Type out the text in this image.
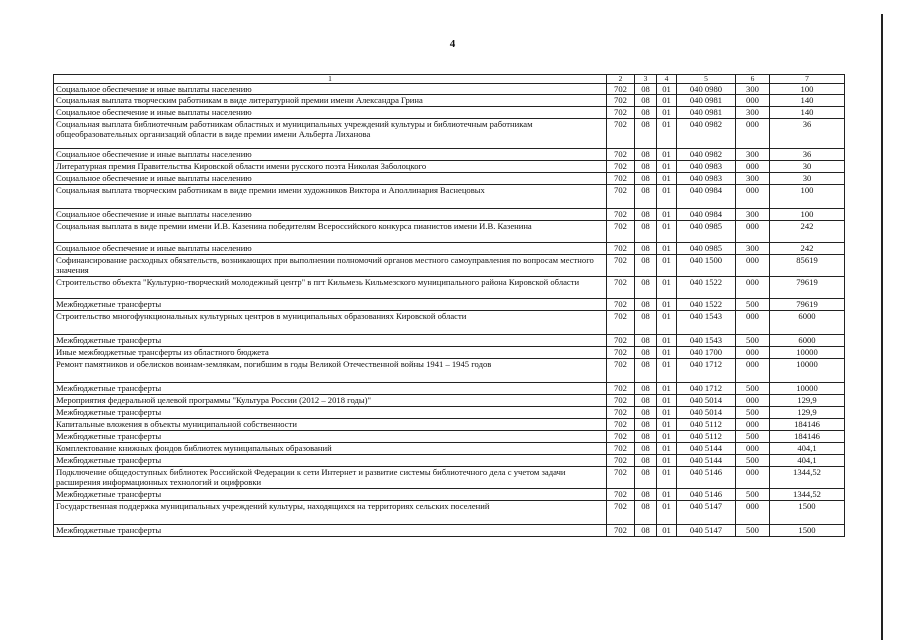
4
1	2	3	4	5	6	7
Социальное обеспечение и иные выплаты населению	702	08	01	040 0980	300	100
Социальная выплата творческим работникам в виде литературной премии имени Александра Грина	702	08	01	040 0981	000	140
Социальное обеспечение и иные выплаты населению	702	08	01	040 0981	300	140
Социальная выплата библиотечным работникам областных и муниципальных учреждений культуры и библиотечным работникам общеобразовательных организаций области в виде премии имени Альберта Лиханова	702	08	01	040 0982	000	36
Социальное обеспечение и иные выплаты населению	702	08	01	040 0982	300	36
Литературная премия Правительства Кировской области имени русского поэта Николая Заболоцкого	702	08	01	040 0983	000	30
Социальное обеспечение и иные выплаты населению	702	08	01	040 0983	300	30
Социальная выплата творческим работникам в виде премии имени художников Виктора и Аполлинария Васнецовых	702	08	01	040 0984	000	100
Социальное обеспечение и иные выплаты населению	702	08	01	040 0984	300	100
Социальная выплата в виде премии имени И.В. Казенина победителям Всероссийского конкурса пианистов имени И.В. Казенина	702	08	01	040 0985	000	242
Социальное обеспечение и иные выплаты населению	702	08	01	040 0985	300	242
Софинансирование расходных обязательств, возникающих при выполнении полномочий органов местного самоуправления по вопросам местного значения	702	08	01	040 1500	000	85619
Строительство объекта "Культурно-творческий молодежный центр" в пгт Кильмезь Кильмезского муниципального района Кировской области	702	08	01	040 1522	000	79619
Межбюджетные трансферты	702	08	01	040 1522	500	79619
Строительство многофункциональных культурных центров в муниципальных образованиях Кировской области	702	08	01	040 1543	000	6000
Межбюджетные трансферты	702	08	01	040 1543	500	6000
Иные межбюджетные трансферты из областного бюджета	702	08	01	040 1700	000	10000
Ремонт памятников и обелисков воинам-землякам, погибшим в годы Великой Отечественной войны 1941 – 1945 годов	702	08	01	040 1712	000	10000
Межбюджетные трансферты	702	08	01	040 1712	500	10000
Мероприятия федеральной целевой программы "Культура России (2012 – 2018 годы)"	702	08	01	040 5014	000	129,9
Межбюджетные трансферты	702	08	01	040 5014	500	129,9
Капитальные вложения в объекты муниципальной собственности	702	08	01	040 5112	000	184146
Межбюджетные трансферты	702	08	01	040 5112	500	184146
Комплектование книжных фондов библиотек муниципальных образований	702	08	01	040 5144	000	404,1
Межбюджетные трансферты	702	08	01	040 5144	500	404,1
Подключение общедоступных библиотек Российской Федерации к сети Интернет и развитие системы библиотечного дела с учетом задачи расширения информационных технологий и оцифровки	702	08	01	040 5146	000	1344,52
Межбюджетные трансферты	702	08	01	040 5146	500	1344,52
Государственная поддержка муниципальных учреждений культуры, находящихся на территориях сельских поселений	702	08	01	040 5147	000	1500
Межбюджетные трансферты	702	08	01	040 5147	500	1500
